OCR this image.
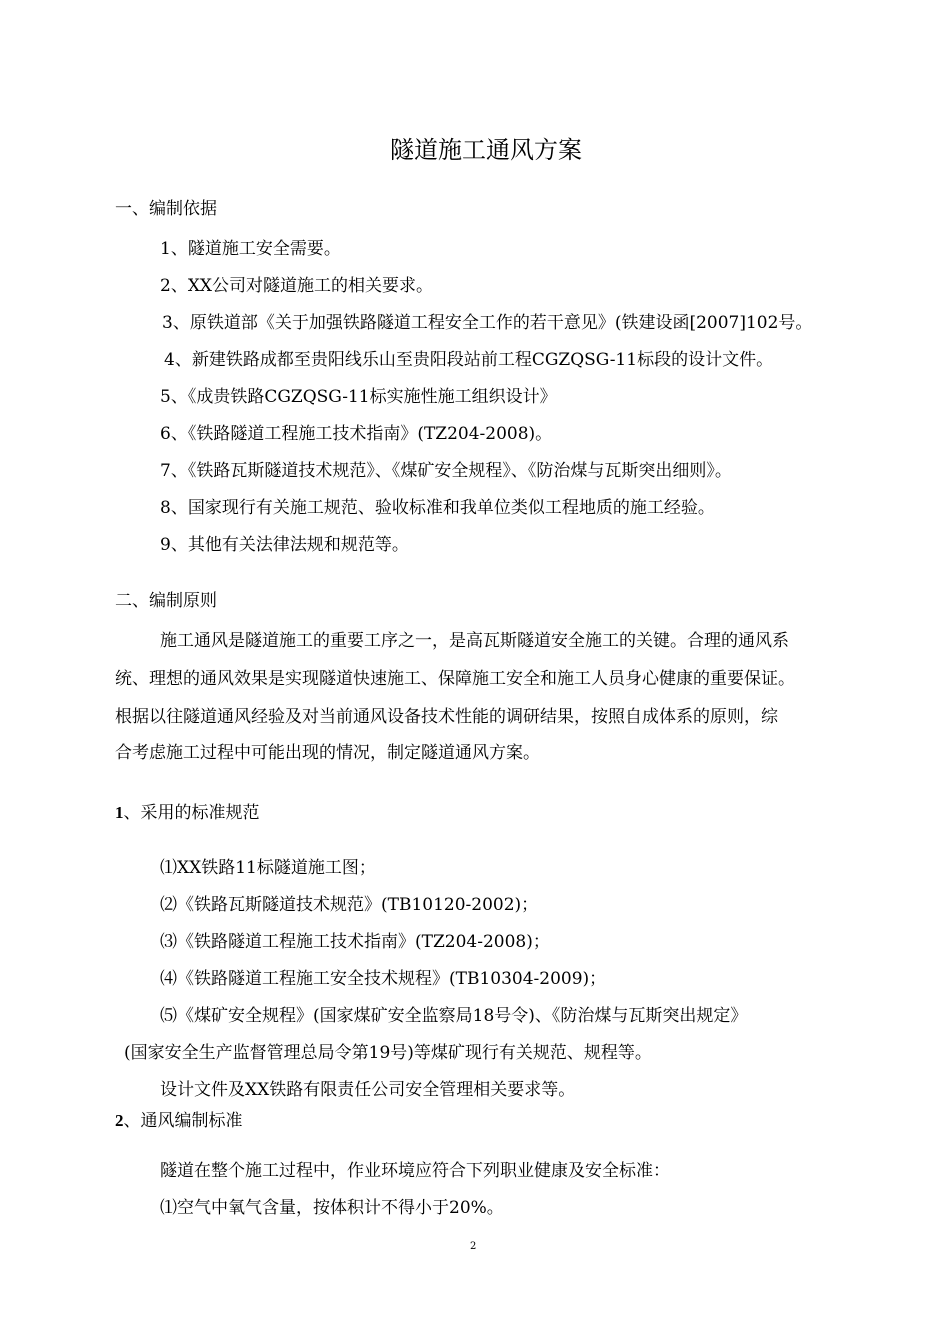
隧道施工通风方案
一、编制依据
1、隧道施工安全需要。
2、XX公司对隧道施工的相关要求。
3、原铁道部《关于加强铁路隧道工程安全工作的若干意见》(铁建设函[2007]102号。
4、新建铁路成都至贵阳线乐山至贵阳段站前工程CGZQSG-11标段的设计文件。
5、《成贵铁路CGZQSG-11标实施性施工组织设计》
6、《铁路隧道工程施工技术指南》(TZ204-2008)。
7、《铁路瓦斯隧道技术规范》、《煤矿安全规程》、《防治煤与瓦斯突出细则》。
8、国家现行有关施工规范、验收标准和我单位类似工程地质的施工经验。
9、其他有关法律法规和规范等。
二、编制原则
施工通风是隧道施工的重要工序之一，是高瓦斯隧道安全施工的关键。合理的通风系
统、理想的通风效果是实现隧道快速施工、保障施工安全和施工人员身心健康的重要保证。
根据以往隧道通风经验及对当前通风设备技术性能的调研结果，按照自成体系的原则，综
合考虑施工过程中可能出现的情况，制定隧道通风方案。
1、采用的标准规范
⑴XX铁路11标隧道施工图；
⑵《铁路瓦斯隧道技术规范》(TB10120-2002)；
⑶《铁路隧道工程施工技术指南》(TZ204-2008)；
⑷《铁路隧道工程施工安全技术规程》(TB10304-2009)；
⑸《煤矿安全规程》(国家煤矿安全监察局18号令)、《防治煤与瓦斯突出规定》
(国家安全生产监督管理总局令第19号)等煤矿现行有关规范、规程等。
设计文件及XX铁路有限责任公司安全管理相关要求等。
2、通风编制标准
隧道在整个施工过程中，作业环境应符合下列职业健康及安全标准：
⑴空气中氧气含量，按体积计不得小于20%。
2
